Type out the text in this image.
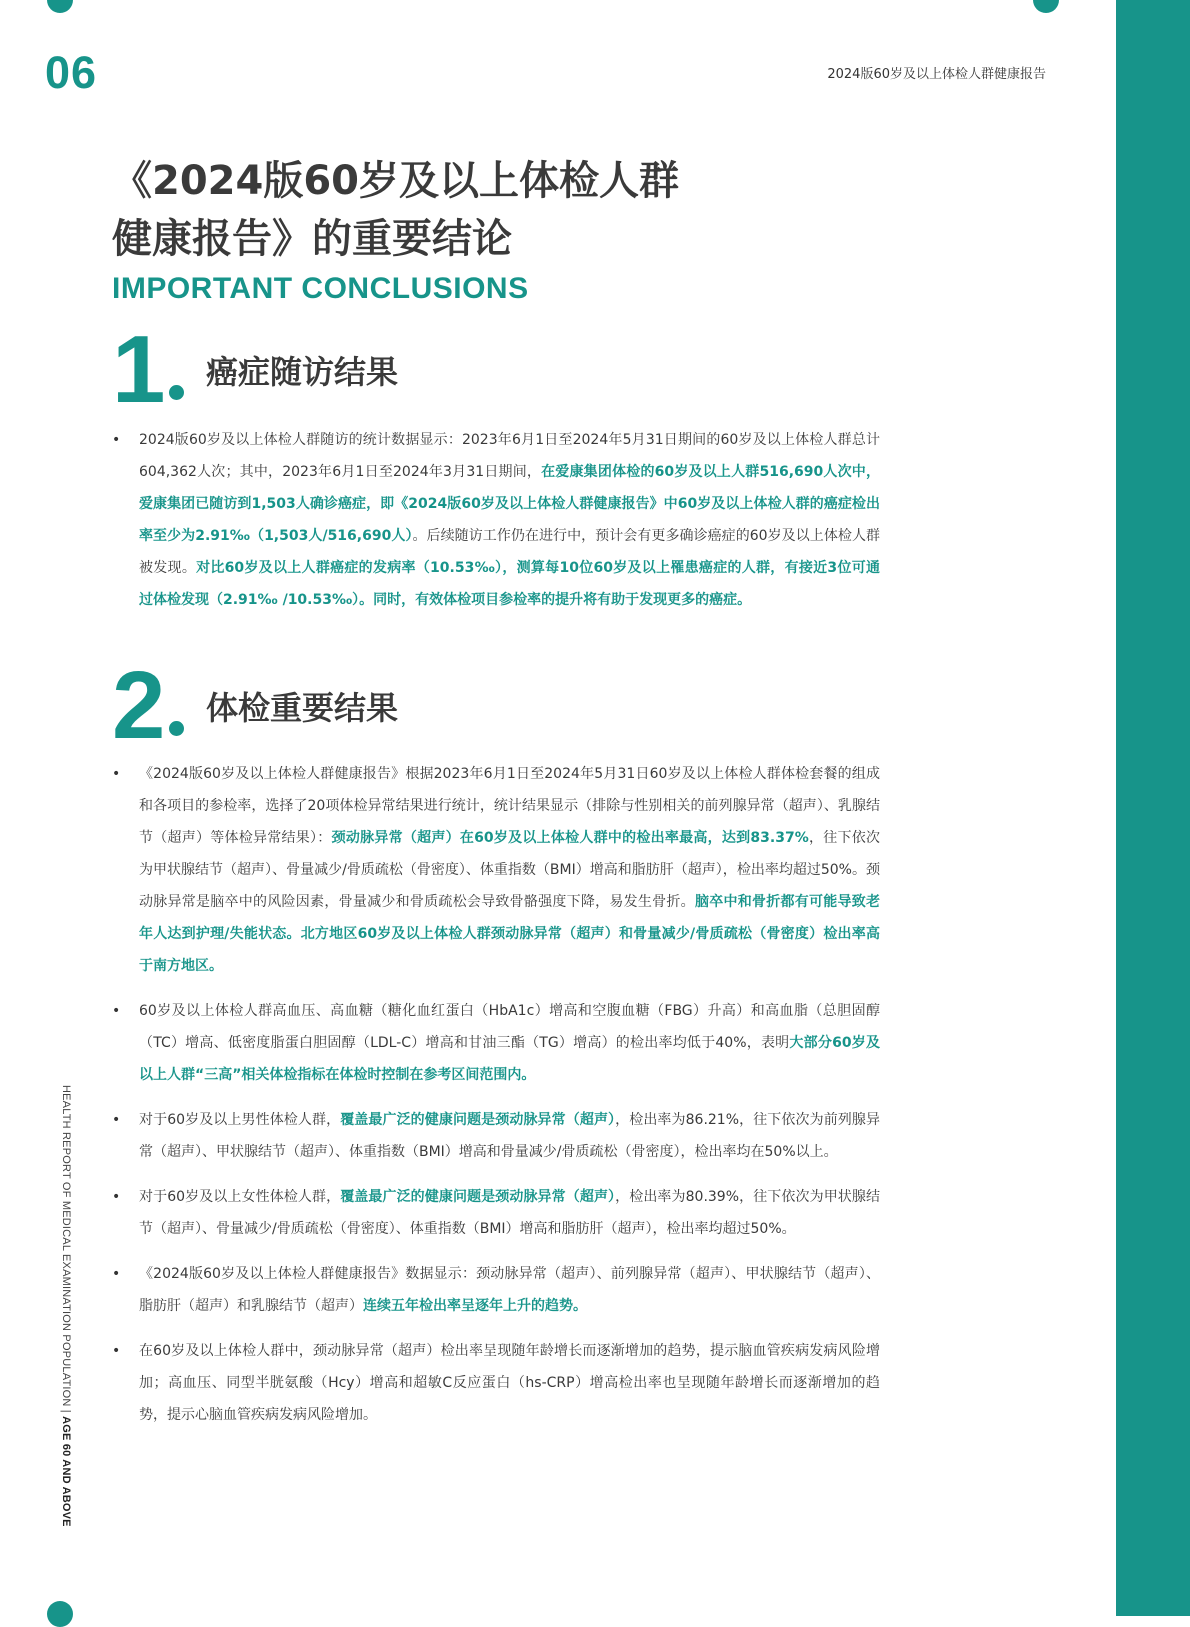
06	2024版60岁及以上体检人群健康报告

《2024版60岁及以上体检人群
健康报告》的重要结论
IMPORTANT CONCLUSIONS

1 癌症随访结果
• 2024版60岁及以上体检人群随访的统计数据显示：2023年6月1日至2024年5月31日期间的60岁及以上体检人群总计604,362人次；其中，2023年6月1日至2024年3月31日期间，在爱康集团体检的60岁及以上人群516,690人次中，爱康集团已随访到1,503人确诊癌症，即《2024版60岁及以上体检人群健康报告》中60岁及以上体检人群的癌症检出率至少为2.91‰（1,503人/516,690人）。后续随访工作仍在进行中，预计会有更多确诊癌症的60岁及以上体检人群被发现。对比60岁及以上人群癌症的发病率（10.53‰），测算每10位60岁及以上罹患癌症的人群，有接近3位可通过体检发现（2.91‰ /10.53‰）。同时，有效体检项目参检率的提升将有助于发现更多的癌症。

2 体检重要结果
• 《2024版60岁及以上体检人群健康报告》根据2023年6月1日至2024年5月31日60岁及以上体检人群体检套餐的组成和各项目的参检率，选择了20项体检异常结果进行统计，统计结果显示（排除与性别相关的前列腺异常（超声）、乳腺结节（超声）等体检异常结果）：颈动脉异常（超声）在60岁及以上体检人群中的检出率最高，达到83.37%，往下依次为甲状腺结节（超声）、骨量减少/骨质疏松（骨密度）、体重指数（BMI）增高和脂肪肝（超声），检出率均超过50%。颈动脉异常是脑卒中的风险因素，骨量减少和骨质疏松会导致骨骼强度下降，易发生骨折。脑卒中和骨折都有可能导致老年人达到护理/失能状态。北方地区60岁及以上体检人群颈动脉异常（超声）和骨量减少/骨质疏松（骨密度）检出率高于南方地区。
• 60岁及以上体检人群高血压、高血糖（糖化血红蛋白（HbA1c）增高和空腹血糖（FBG）升高）和高血脂（总胆固醇（TC）增高、低密度脂蛋白胆固醇（LDL-C）增高和甘油三酯（TG）增高）的检出率均低于40%，表明大部分60岁及以上人群“三高”相关体检指标在体检时控制在参考区间范围内。
• 对于60岁及以上男性体检人群，覆盖最广泛的健康问题是颈动脉异常（超声），检出率为86.21%，往下依次为前列腺异常（超声）、甲状腺结节（超声）、体重指数（BMI）增高和骨量减少/骨质疏松（骨密度），检出率均在50%以上。
• 对于60岁及以上女性体检人群，覆盖最广泛的健康问题是颈动脉异常（超声），检出率为80.39%，往下依次为甲状腺结节（超声）、骨量减少/骨质疏松（骨密度）、体重指数（BMI）增高和脂肪肝（超声），检出率均超过50%。
• 《2024版60岁及以上体检人群健康报告》数据显示：颈动脉异常（超声）、前列腺异常（超声）、甲状腺结节（超声）、脂肪肝（超声）和乳腺结节（超声）连续五年检出率呈逐年上升的趋势。
• 在60岁及以上体检人群中，颈动脉异常（超声）检出率呈现随年龄增长而逐渐增加的趋势，提示脑血管疾病发病风险增加；高血压、同型半胱氨酸（Hcy）增高和超敏C反应蛋白（hs-CRP）增高检出率也呈现随年龄增长而逐渐增加的趋势，提示心脑血管疾病发病风险增加。
HEALTH REPORT OF MEDICAL EXAMINATION POPULATION | AGE 60 AND ABOVE
